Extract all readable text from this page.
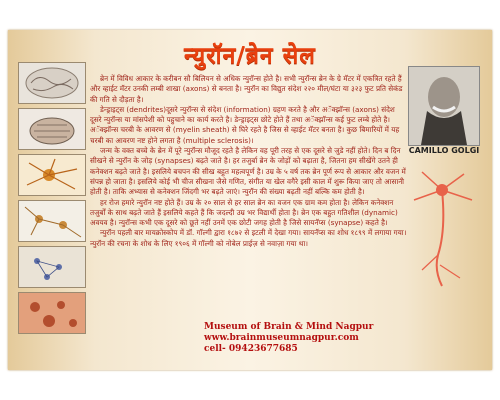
न्युरॉन/ब्रेन सेल
CAMILLO GOLGI

ब्रेन में विविध आकार के करीबन सौ बिलियन से अधिक न्युरॉन्स होते है। सभी न्युरॉन्स ब्रेन के ग्रे मॅटर में एकत्रित रहते हैं और व्हाईट मॅटर उनकी लम्बी शाखा (axons) से बनता है। न्युरॉन का विद्युत संदेश २२० मील/घंटा या ३२३ फुट प्रति सेकंड की गति से दौड़ता है।

डेन्ड्राइट्स (dendrites)दूसरे न्युरॉन्स से संदेश (information) ग्रहण करते है और अॅक्झॉन्स (axons) संदेश दूसरे न्युरॉन्स या मांसपेशी को पहुचाने का कार्य करते है। डेन्ड्राइट्स छोटे होते हैं तथा अॅक्झॉन्स कई फुट लम्बे होते है। अॅक्झॉन्स चरबी के आवरण से (myelin sheath) से घिरे रहते है जिस से व्हाईट मॅटर बनता है। कुछ बिमारियों में यह चरबी का आवरण नष्ट होने लगता है (multiple sclerosis)।

जन्म के वक्त बच्चे के ब्रेन में पूरे न्युरॉन्स मौजूद रहते है लेकिन वह पूरी तरह से एक दूसरे से जुडे नहीं होते। दिन ब दिन सीखने से न्युरॉन के जोड़ (synapses) बढ़ते जाते है। हर तजुर्बा ब्रेन के जोड़ों को बढ़ाता है, जितना हम सीखेंगे उतने ही कनेक्शन बढ़ते जाते है। इसलिये बचपन की सीख बहुत महत्वपूर्ण है। उम्र के ५ वर्ष तक ब्रेन पूर्ण रूप से आकार और वजन में संपन्न हो जाता है। इसलिये कोई भी चीज सीखना जैसे गणित, संगीत या खेल वगैरे इसी काल में शुरू किया जाए तो आसानी होती है। ताकि अभ्यास से कनेक्शन जिंदगी भर बढ़ते जाएं। न्युरॉन की संख्या बढ़ती नहीं बल्कि कम होती है।

हर रोज हमारे न्युरॉन नष्ट होते हैं। उम्र के २० साल से हर साल ब्रेन का वजन एक ग्राम कम होता है। लेकिन कनेक्शन तजुर्बों के साथ बढ़ते जाते हैं इसलिये कहते हैं कि जदल्दी उम्र भर विद्यार्थी होता है। ब्रेन एक बहुत गतिशील (dynamic) अवयव है। न्युरॉन्स कभी एक दूसरे को छूते नहीं उनमें एक छोटी जगह होती है जिसे सायनॅप्स (synapse) कहते है।

न्युरॉन पहली बार मायक्रोस्कोप में डॉ. गॉल्गी द्वारा १८७२ से इटली में देखा गया। सायनॅप्स का शोध १८९९ में लगाया गया। न्युरॉन की रचना के शोध के लिए १९०६ में गॉल्गी को नोबेल प्राईज़ से नवाज़ा गया था।

Museum of Brain & Mind Nagpur
www.brainmuseumnagpur.com
cell- 09423677685
